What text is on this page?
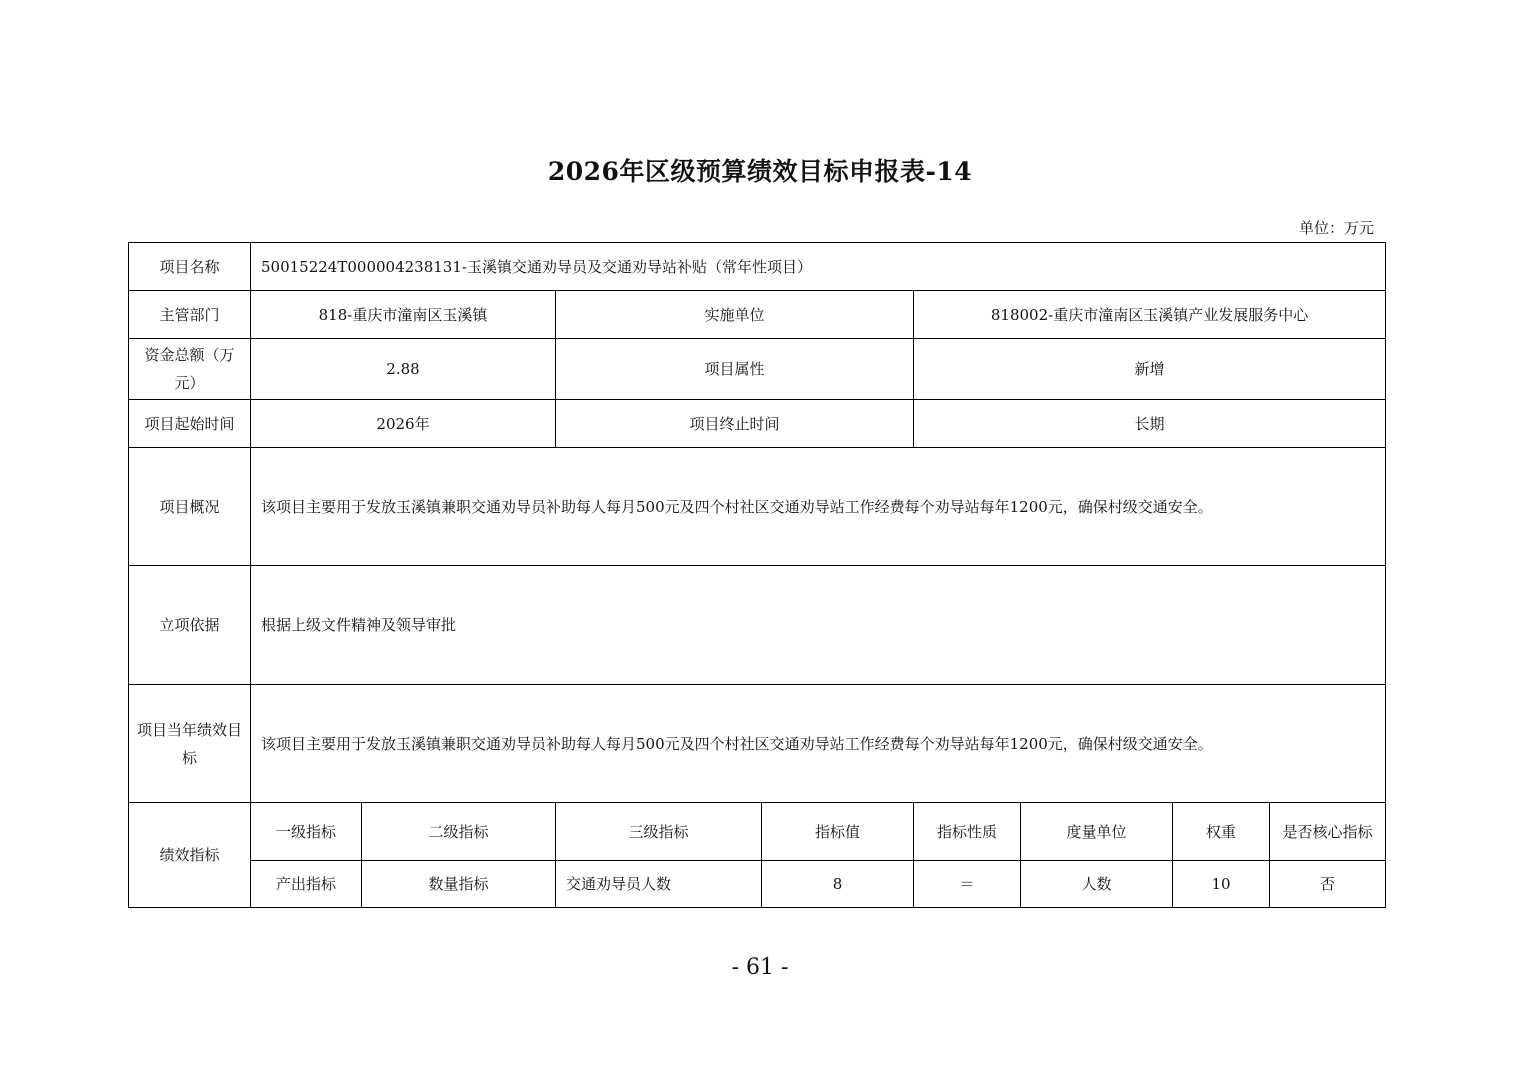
2026年区级预算绩效目标申报表-14
单位：万元
项目名称	50015224T000004238131-玉溪镇交通劝导员及交通劝导站补贴（常年性项目）							
主管部门	818-重庆市潼南区玉溪镇		实施单位		818002-重庆市潼南区玉溪镇产业发展服务中心			
资金总额（万元）	2.88		项目属性		新增			
项目起始时间	2026年		项目终止时间		长期			
项目概况	该项目主要用于发放玉溪镇兼职交通劝导员补助每人每月500元及四个村社区交通劝导站工作经费每个劝导站每年1200元，确保村级交通安全。							
立项依据	根据上级文件精神及领导审批							
项目当年绩效目标	该项目主要用于发放玉溪镇兼职交通劝导员补助每人每月500元及四个村社区交通劝导站工作经费每个劝导站每年1200元，确保村级交通安全。							
绩效指标	一级指标	二级指标	三级指标	指标值	指标性质	度量单位	权重	是否核心指标
	产出指标	数量指标	交通劝导员人数	8	＝	人数	10	否
- 61 -
